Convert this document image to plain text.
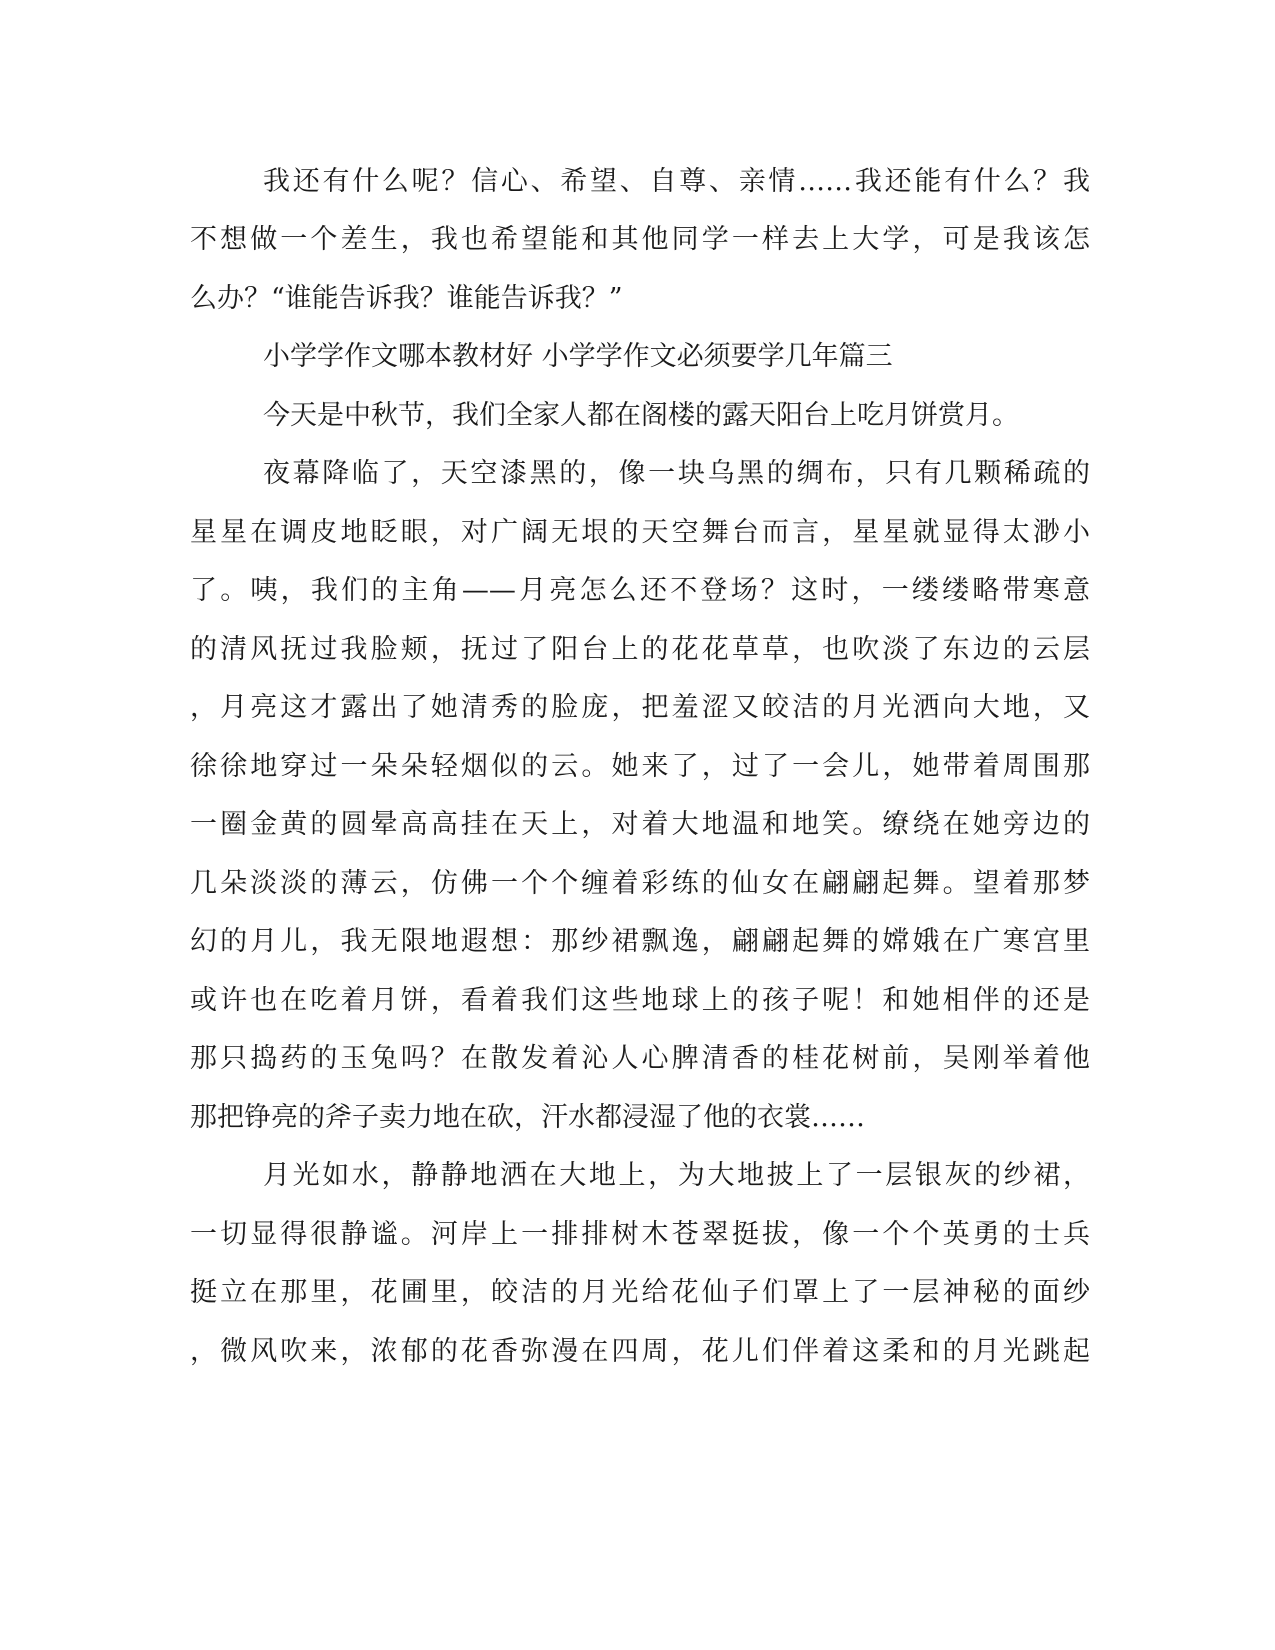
我还有什么呢？信心、希望、自尊、亲情……我还能有什么？我
不想做一个差生，我也希望能和其他同学一样去上大学，可是我该怎
么办？“谁能告诉我？谁能告诉我？”
小学学作文哪本教材好 小学学作文必须要学几年篇三
今天是中秋节，我们全家人都在阁楼的露天阳台上吃月饼赏月。
夜幕降临了，天空漆黑的，像一块乌黑的绸布，只有几颗稀疏的
星星在调皮地眨眼，对广阔无垠的天空舞台而言，星星就显得太渺小
了。咦，我们的主角——月亮怎么还不登场？这时，一缕缕略带寒意
的清风抚过我脸颊，抚过了阳台上的花花草草，也吹淡了东边的云层
，月亮这才露出了她清秀的脸庞，把羞涩又皎洁的月光洒向大地，又
徐徐地穿过一朵朵轻烟似的云。她来了，过了一会儿，她带着周围那
一圈金黄的圆晕高高挂在天上，对着大地温和地笑。缭绕在她旁边的
几朵淡淡的薄云，仿佛一个个缠着彩练的仙女在翩翩起舞。望着那梦
幻的月儿，我无限地遐想：那纱裙飘逸，翩翩起舞的嫦娥在广寒宫里
或许也在吃着月饼，看着我们这些地球上的孩子呢！和她相伴的还是
那只捣药的玉兔吗？在散发着沁人心脾清香的桂花树前，吴刚举着他
那把铮亮的斧子卖力地在砍，汗水都浸湿了他的衣裳……
月光如水，静静地洒在大地上，为大地披上了一层银灰的纱裙，
一切显得很静谧。河岸上一排排树木苍翠挺拔，像一个个英勇的士兵
挺立在那里，花圃里，皎洁的月光给花仙子们罩上了一层神秘的面纱
，微风吹来，浓郁的花香弥漫在四周，花儿们伴着这柔和的月光跳起
